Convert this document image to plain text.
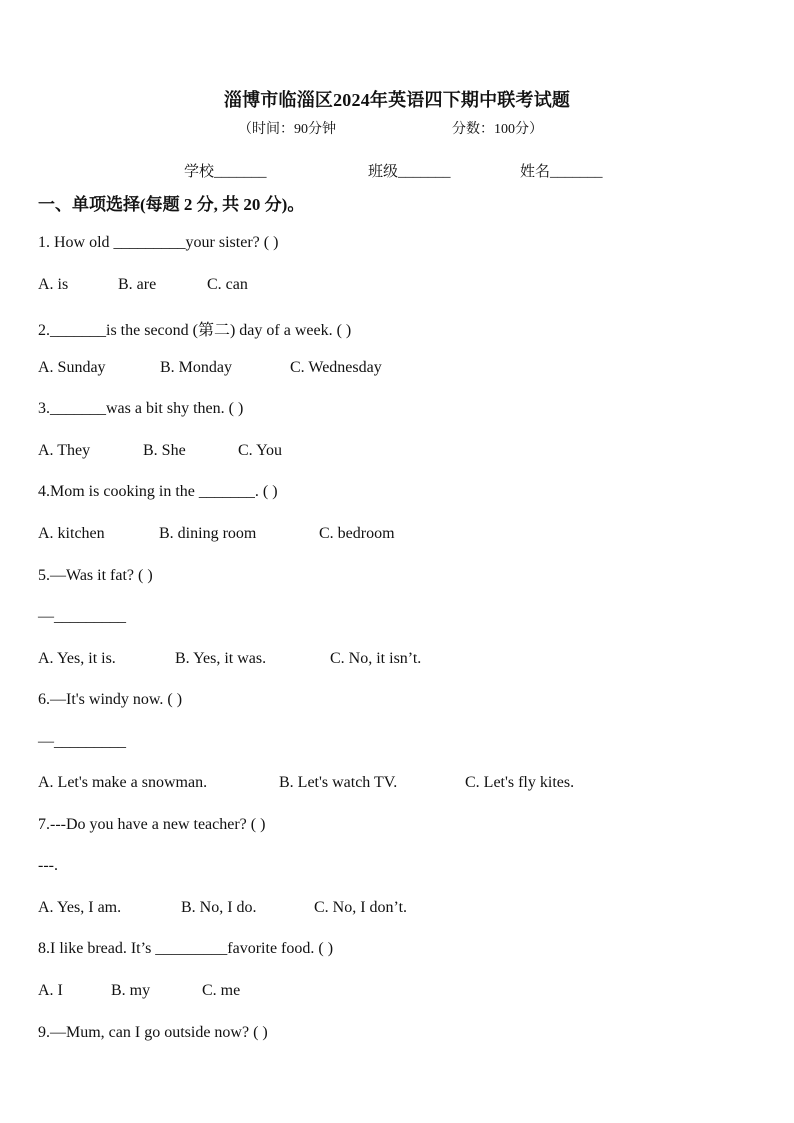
淄博市临淄区2024年英语四下期中联考试题
（时间：90分钟	分数：100分）
学校_______	班级_______	姓名_______
一、单项选择(每题 2 分, 共 20 分)。
1. How old _________your sister? ( )
A. is	B. are	C. can
2._______is the second (第二) day of a week. ( )
A. Sunday	B. Monday	C. Wednesday
3._______was a bit shy then. ( )
A. They	B. She	C. You
4.Mom is cooking in the _______. ( )
A. kitchen	B. dining room	C. bedroom
5.—Was it fat? ( )
—_________
A. Yes, it is.	B. Yes, it was.	C. No, it isn’t.
6.—It's windy now. ( )
—_________
A. Let's make a snowman.	B. Let's watch TV.	C. Let's fly kites.
7.---Do you have a new teacher? ( )
---.
A. Yes, I am.	B. No, I do.	C. No, I don’t.
8.I like bread. It’s _________favorite food. ( )
A. I	B. my	C. me
9.—Mum, can I go outside now? ( )
